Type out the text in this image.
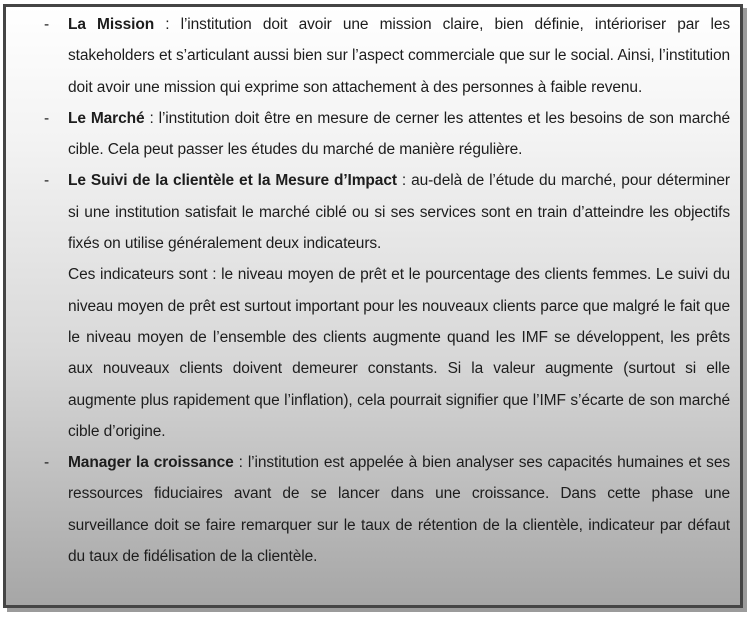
- La Mission : l’institution doit avoir une mission claire, bien définie, intérioriser par les stakeholders et s’articulant aussi bien sur l’aspect commerciale que sur le social. Ainsi, l’institution doit avoir une mission qui exprime son attachement à des personnes à faible revenu.

- Le Marché : l’institution doit être en mesure de cerner les attentes et les besoins de son marché cible. Cela peut passer les études du marché de manière régulière.

- Le Suivi de la clientèle et la Mesure d’Impact : au-delà de l’étude du marché, pour déterminer si une institution satisfait le marché ciblé ou si ses services sont en train d’atteindre les objectifs fixés on utilise généralement deux indicateurs.

Ces indicateurs sont : le niveau moyen de prêt et le pourcentage des clients femmes. Le suivi du niveau moyen de prêt est surtout important pour les nouveaux clients parce que malgré le fait que le niveau moyen de l’ensemble des clients augmente quand les IMF se développent, les prêts aux nouveaux clients doivent demeurer constants. Si la valeur augmente (surtout si elle augmente plus rapidement que l’inflation), cela pourrait signifier que l’IMF s’écarte de son marché cible d’origine.

- Manager la croissance : l’institution est appelée à bien analyser ses capacités humaines et ses ressources fiduciaires avant de se lancer dans une croissance. Dans cette phase une surveillance doit se faire remarquer sur le taux de rétention de la clientèle, indicateur par défaut du taux de fidélisation de la clientèle.
